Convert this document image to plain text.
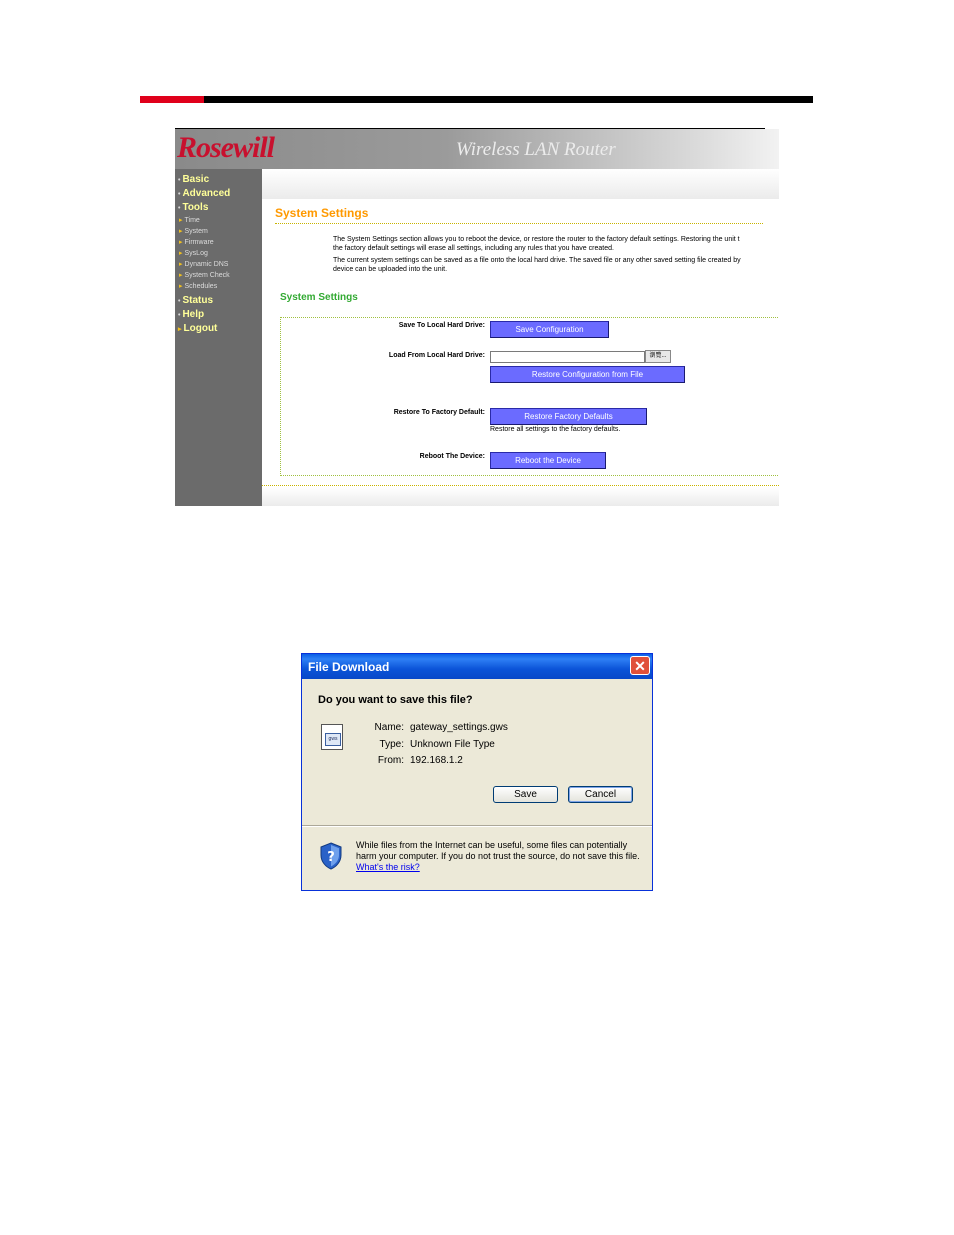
Rosewill	Wireless LAN Router
System Settings
The System Settings section allows you to reboot the device, or restore the router to the factory default settings. Restoring the unit t
the factory default settings will erase all settings, including any rules that you have created.
The current system settings can be saved as a file onto the local hard drive. The saved file or any other saved setting file created by
device can be uploaded into the unit.
System Settings
Save To Local Hard Drive:	Save Configuration
Load From Local Hard Drive:	瀏覽...
Restore Configuration from File
Restore To Factory Default:	Restore Factory Defaults
Restore all settings to the factory defaults.
Reboot The Device:	Reboot the Device
• Basic
• Advanced
• Tools
▸ Time
▸ System
▸ Firmware
▸ SysLog
▸ Dynamic DNS
▸ System Check
▸ Schedules
• Status
• Help
▸ Logout
File Download	✕
Do you want to save this file?
gws
Name: gateway_settings.gws
Type: Unknown File Type
From: 192.168.1.2
Save	Cancel
?
While files from the Internet can be useful, some files can potentially harm your computer. If you do not trust the source, do not save this file. What's the risk?
